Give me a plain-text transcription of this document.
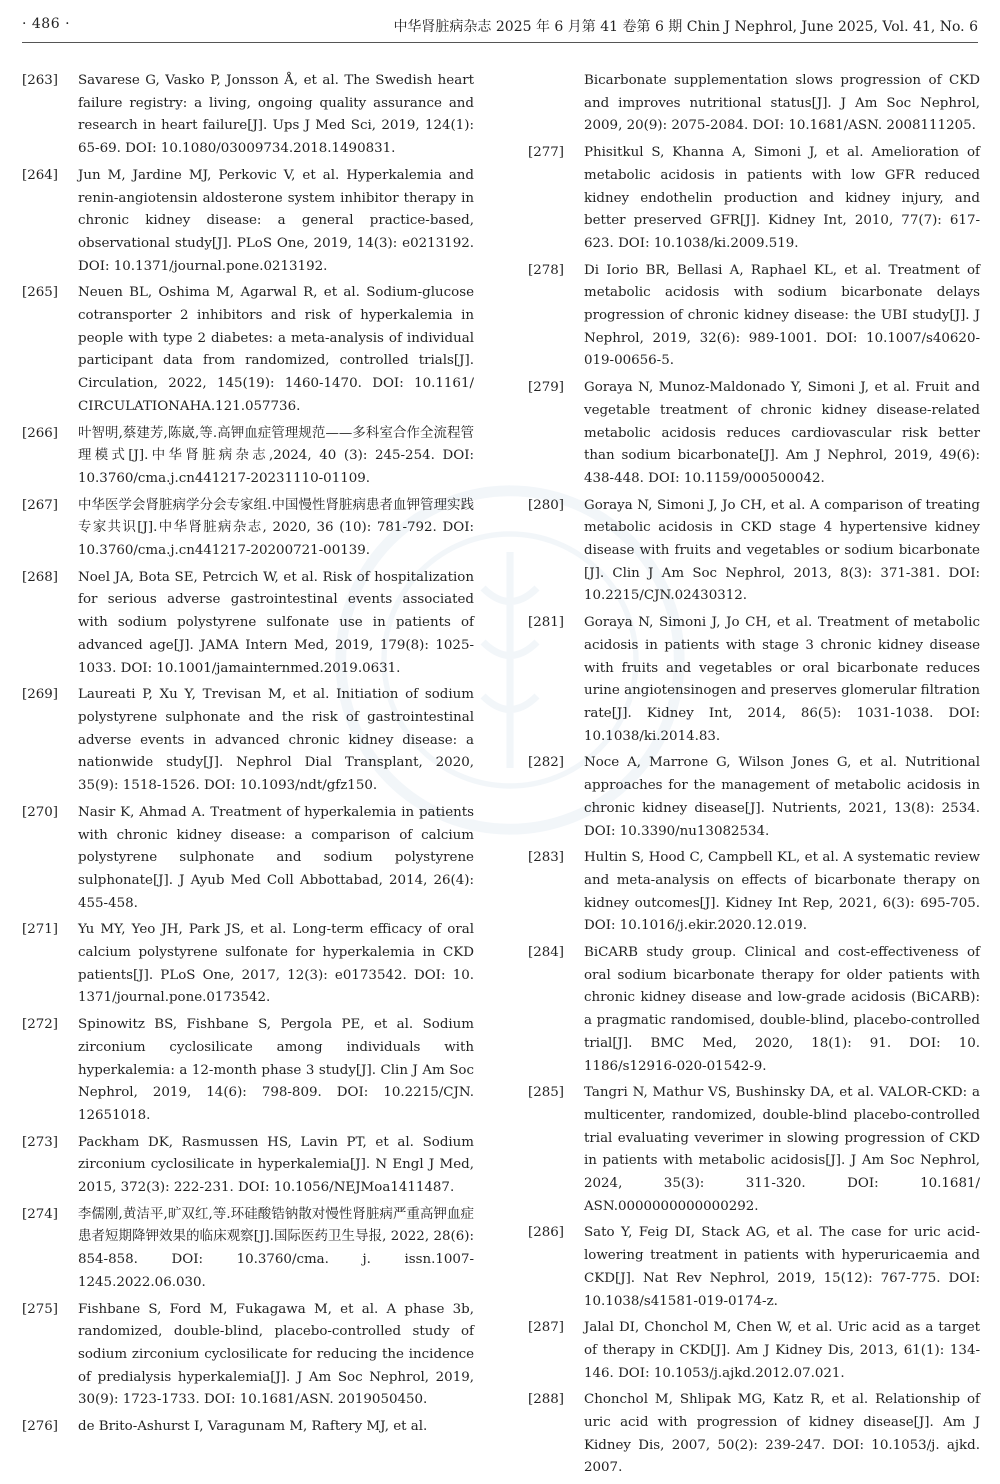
· 486 ·	中华肾脏病杂志 2025 年 6 月第 41 卷第 6 期 Chin J Nephrol, June 2025, Vol. 41, No. 6
[263] Savarese G, Vasko P, Jonsson Å, et al. The Swedish heart failure registry: a living, ongoing quality assurance and research in heart failure[J]. Ups J Med Sci, 2019, 124(1): 65-69. DOI: 10.1080/03009734.2018.1490831.
[264] Jun M, Jardine MJ, Perkovic V, et al. Hyperkalemia and renin-angiotensin aldosterone system inhibitor therapy in chronic kidney disease: a general practice-based, observational study[J]. PLoS One, 2019, 14(3): e0213192. DOI: 10.1371/journal.pone.0213192.
[265] Neuen BL, Oshima M, Agarwal R, et al. Sodium-glucose cotransporter 2 inhibitors and risk of hyperkalemia in people with type 2 diabetes: a meta-analysis of individual participant data from randomized, controlled trials[J]. Circulation, 2022, 145(19): 1460-1470. DOI: 10.1161/ CIRCULATIONAHA.121.057736.
[266] 叶智明,蔡建芳,陈崴,等.高钾血症管理规范——多科室合作全流程管理模式[J].中华肾脏病杂志,2024, 40 (3): 245-254. DOI: 10.3760/cma.j.cn441217-20231110-01109.
[267] 中华医学会肾脏病学分会专家组.中国慢性肾脏病患者血钾管理实践专家共识[J].中华肾脏病杂志, 2020, 36 (10): 781-792. DOI: 10.3760/cma.j.cn441217-20200721-00139.
[268] Noel JA, Bota SE, Petrcich W, et al. Risk of hospitalization for serious adverse gastrointestinal events associated with sodium polystyrene sulfonate use in patients of advanced age[J]. JAMA Intern Med, 2019, 179(8): 1025-1033. DOI: 10.1001/jamainternmed.2019.0631.
[269] Laureati P, Xu Y, Trevisan M, et al. Initiation of sodium polystyrene sulphonate and the risk of gastrointestinal adverse events in advanced chronic kidney disease: a nationwide study[J]. Nephrol Dial Transplant, 2020, 35(9): 1518-1526. DOI: 10.1093/ndt/gfz150.
[270] Nasir K, Ahmad A. Treatment of hyperkalemia in patients with chronic kidney disease: a comparison of calcium polystyrene sulphonate and sodium polystyrene sulphonate[J]. J Ayub Med Coll Abbottabad, 2014, 26(4): 455-458.
[271] Yu MY, Yeo JH, Park JS, et al. Long-term efficacy of oral calcium polystyrene sulfonate for hyperkalemia in CKD patients[J]. PLoS One, 2017, 12(3): e0173542. DOI: 10. 1371/journal.pone.0173542.
[272] Spinowitz BS, Fishbane S, Pergola PE, et al. Sodium zirconium cyclosilicate among individuals with hyperkalemia: a 12-month phase 3 study[J]. Clin J Am Soc Nephrol, 2019, 14(6): 798-809. DOI: 10.2215/CJN. 12651018.
[273] Packham DK, Rasmussen HS, Lavin PT, et al. Sodium zirconium cyclosilicate in hyperkalemia[J]. N Engl J Med, 2015, 372(3): 222-231. DOI: 10.1056/NEJMoa1411487.
[274] 李儒刚,黄洁平,旷双红,等.环硅酸锆钠散对慢性肾脏病严重高钾血症患者短期降钾效果的临床观察[J].国际医药卫生导报, 2022, 28(6): 854-858. DOI: 10.3760/cma. j. issn.1007-1245.2022.06.030.
[275] Fishbane S, Ford M, Fukagawa M, et al. A phase 3b, randomized, double-blind, placebo-controlled study of sodium zirconium cyclosilicate for reducing the incidence of predialysis hyperkalemia[J]. J Am Soc Nephrol, 2019, 30(9): 1723-1733. DOI: 10.1681/ASN. 2019050450.
[276] de Brito-Ashurst I, Varagunam M, Raftery MJ, et al.
Bicarbonate supplementation slows progression of CKD and improves nutritional status[J]. J Am Soc Nephrol, 2009, 20(9): 2075-2084. DOI: 10.1681/ASN. 2008111205.
[277] Phisitkul S, Khanna A, Simoni J, et al. Amelioration of metabolic acidosis in patients with low GFR reduced kidney endothelin production and kidney injury, and better preserved GFR[J]. Kidney Int, 2010, 77(7): 617-623. DOI: 10.1038/ki.2009.519.
[278] Di Iorio BR, Bellasi A, Raphael KL, et al. Treatment of metabolic acidosis with sodium bicarbonate delays progression of chronic kidney disease: the UBI study[J]. J Nephrol, 2019, 32(6): 989-1001. DOI: 10.1007/s40620-019-00656-5.
[279] Goraya N, Munoz-Maldonado Y, Simoni J, et al. Fruit and vegetable treatment of chronic kidney disease-related metabolic acidosis reduces cardiovascular risk better than sodium bicarbonate[J]. Am J Nephrol, 2019, 49(6): 438-448. DOI: 10.1159/000500042.
[280] Goraya N, Simoni J, Jo CH, et al. A comparison of treating metabolic acidosis in CKD stage 4 hypertensive kidney disease with fruits and vegetables or sodium bicarbonate [J]. Clin J Am Soc Nephrol, 2013, 8(3): 371-381. DOI: 10.2215/CJN.02430312.
[281] Goraya N, Simoni J, Jo CH, et al. Treatment of metabolic acidosis in patients with stage 3 chronic kidney disease with fruits and vegetables or oral bicarbonate reduces urine angiotensinogen and preserves glomerular filtration rate[J]. Kidney Int, 2014, 86(5): 1031-1038. DOI: 10.1038/ki.2014.83.
[282] Noce A, Marrone G, Wilson Jones G, et al. Nutritional approaches for the management of metabolic acidosis in chronic kidney disease[J]. Nutrients, 2021, 13(8): 2534. DOI: 10.3390/nu13082534.
[283] Hultin S, Hood C, Campbell KL, et al. A systematic review and meta-analysis on effects of bicarbonate therapy on kidney outcomes[J]. Kidney Int Rep, 2021, 6(3): 695-705. DOI: 10.1016/j.ekir.2020.12.019.
[284] BiCARB study group. Clinical and cost-effectiveness of oral sodium bicarbonate therapy for older patients with chronic kidney disease and low-grade acidosis (BiCARB): a pragmatic randomised, double-blind, placebo-controlled trial[J]. BMC Med, 2020, 18(1): 91. DOI: 10. 1186/s12916-020-01542-9.
[285] Tangri N, Mathur VS, Bushinsky DA, et al. VALOR-CKD: a multicenter, randomized, double-blind placebo-controlled trial evaluating veverimer in slowing progression of CKD in patients with metabolic acidosis[J]. J Am Soc Nephrol, 2024, 35(3): 311-320. DOI: 10.1681/ ASN.0000000000000292.
[286] Sato Y, Feig DI, Stack AG, et al. The case for uric acid-lowering treatment in patients with hyperuricaemia and CKD[J]. Nat Rev Nephrol, 2019, 15(12): 767-775. DOI: 10.1038/s41581-019-0174-z.
[287] Jalal DI, Chonchol M, Chen W, et al. Uric acid as a target of therapy in CKD[J]. Am J Kidney Dis, 2013, 61(1): 134-146. DOI: 10.1053/j.ajkd.2012.07.021.
[288] Chonchol M, Shlipak MG, Katz R, et al. Relationship of uric acid with progression of kidney disease[J]. Am J Kidney Dis, 2007, 50(2): 239-247. DOI: 10.1053/j. ajkd. 2007.
